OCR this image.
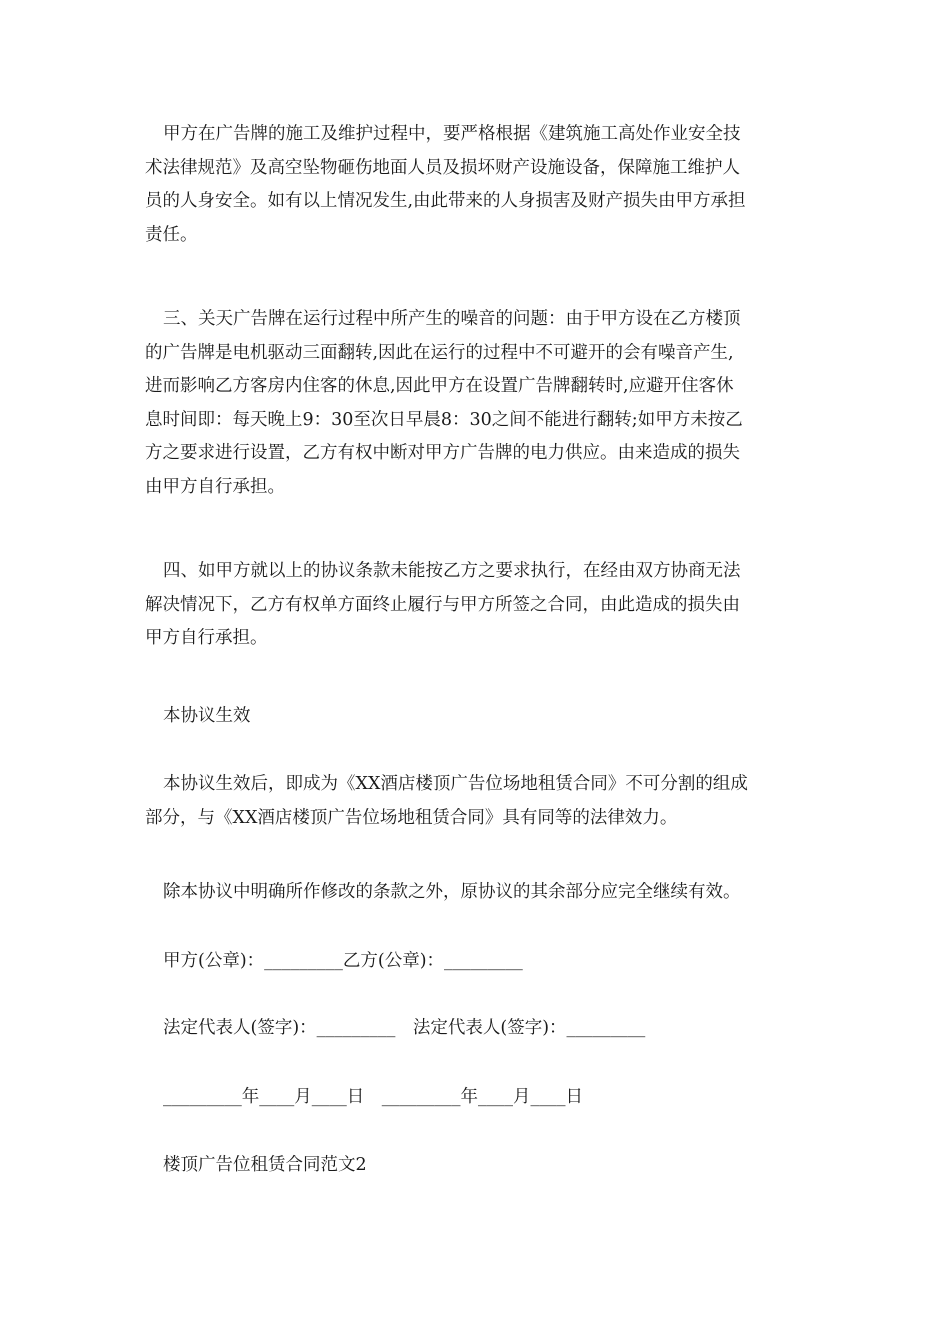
甲方在广告牌的施工及维护过程中，要严格根据《建筑施工高处作业安全技
术法律规范》及高空坠物砸伤地面人员及损坏财产设施设备，保障施工维护人
员的人身安全。如有以上情况发生,由此带来的人身损害及财产损失由甲方承担
责任。

三、关天广告牌在运行过程中所产生的噪音的问题：由于甲方设在乙方楼顶
的广告牌是电机驱动三面翻转,因此在运行的过程中不可避开的会有噪音产生,
进而影响乙方客房内住客的休息,因此甲方在设置广告牌翻转时,应避开住客休
息时间即：每天晚上9：30至次日早晨8：30之间不能进行翻转;如甲方未按乙
方之要求进行设置，乙方有权中断对甲方广告牌的电力供应。由来造成的损失
由甲方自行承担。

四、如甲方就以上的协议条款未能按乙方之要求执行，在经由双方协商无法
解决情况下，乙方有权单方面终止履行与甲方所签之合同，由此造成的损失由
甲方自行承担。

本协议生效

本协议生效后，即成为《XX酒店楼顶广告位场地租赁合同》不可分割的组成
部分，与《XX酒店楼顶广告位场地租赁合同》具有同等的法律效力。

除本协议中明确所作修改的条款之外，原协议的其余部分应完全继续有效。

甲方(公章)：_________乙方(公章)：_________

法定代表人(签字)：_________　法定代表人(签字)：_________

_________年____月____日　_________年____月____日

楼顶广告位租赁合同范文2
